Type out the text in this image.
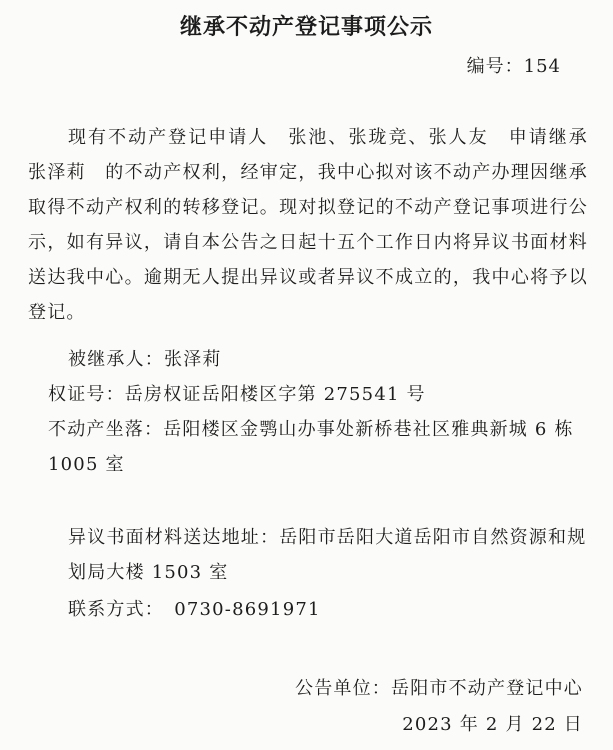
继承不动产登记事项公示
编号：154
现有不动产登记申请人　张池、张珑竞、张人友　申请继承　张泽莉　的不动产权利，经审定，我中心拟对该不动产办理因继承取得不动产权利的转移登记。现对拟登记的不动产登记事项进行公示，如有异议，请自本公告之日起十五个工作日内将异议书面材料送达我中心。逾期无人提出异议或者异议不成立的，我中心将予以登记。
被继承人：张泽莉
权证号：岳房权证岳阳楼区字第 275541 号
不动产坐落：岳阳楼区金鹗山办事处新桥巷社区雅典新城 6 栋 1005 室
异议书面材料送达地址：岳阳市岳阳大道岳阳市自然资源和规划局大楼 1503 室
联系方式：　0730-8691971
公告单位：岳阳市不动产登记中心
2023 年 2 月 22 日
